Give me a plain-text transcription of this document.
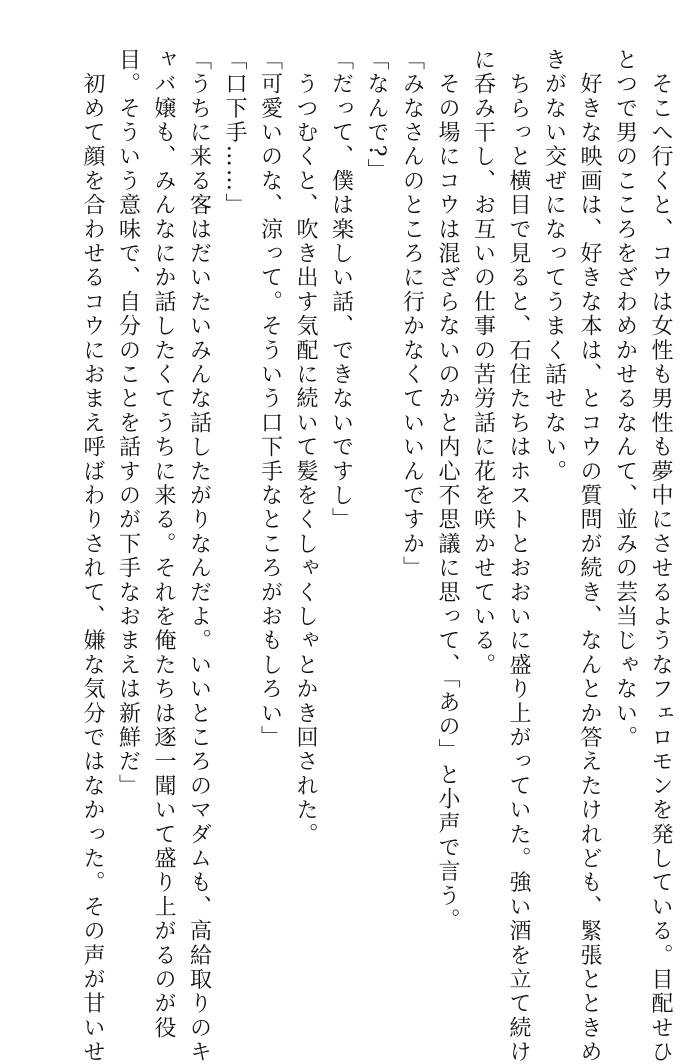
　そこへ行くと、コウは女性も男性も夢中にさせるようなフェロモンを発している。目配せひ

とつで男のこころをざわめかせるなんて、並みの芸当じゃない。

　好きな映画は、好きな本は、とコウの質問が続き、なんとか答えたけれども、緊張とときめ

きがない交ぜになってうまく話せない。

　ちらっと横目で見ると、石住たちはホストとおおいに盛り上がっていた。強い酒を立て続け

に呑み干し、お互いの仕事の苦労話に花を咲かせている。

　その場にコウは混ざらないのかと内心不思議に思って、「あの」と小声で言う。

「みなさんのところに行かなくていいんですか」

「なんで?」

「だって、僕は楽しい話、できないですし」

　うつむくと、吹き出す気配に続いて髪をくしゃくしゃとかき回された。

「可愛いのな、涼って。そういう口下手なところがおもしろい」

「口下手……」

「うちに来る客はだいたいみんな話したがりなんだよ。いいところのマダムも、高給取りのキ

ャバ嬢も、みんなにか話したくてうちに来る。それを俺たちは逐一聞いて盛り上がるのが役

目。そういう意味で、自分のことを話すのが下手なおまえは新鮮だ」

　初めて顔を合わせるコウにおまえ呼ばわりされて、嫌な気分ではなかった。その声が甘いせ
